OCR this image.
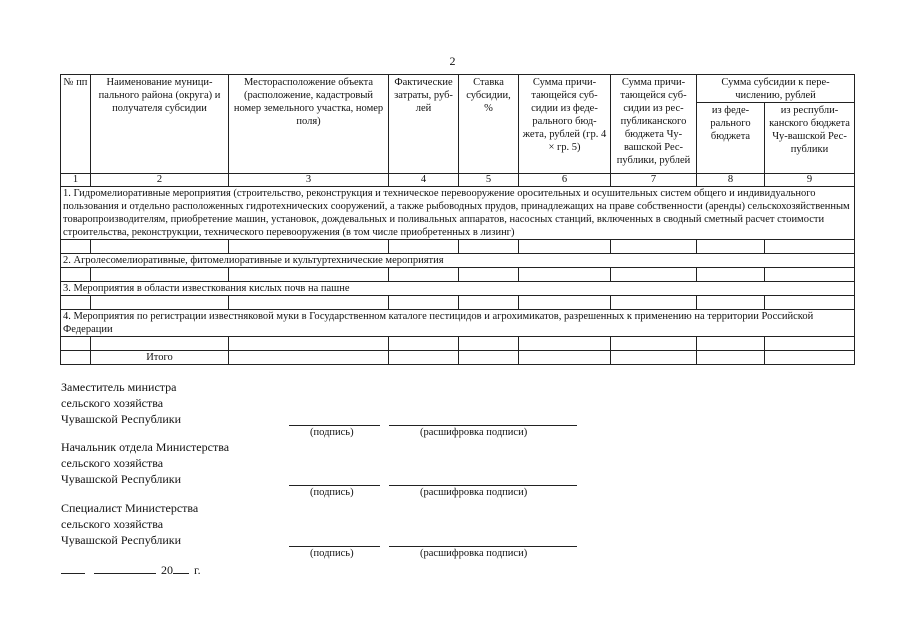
2
№ пп	Наименование муници-пального района (округа) и получателя субсидии	Месторасположение объекта (расположение, кадастровый номер земельного участка, номер поля)	Фактические затраты, руб-лей	Ставка субсидии, %	Сумма причи-тающейся суб-сидии из феде-рального бюд-жета, рублей (гр. 4 × гр. 5)	Сумма причи-тающейся суб-сидии из рес-публиканского бюджета Чу-вашской Рес-публики, рублей	Сумма субсидии к пере-числению, рублей	
							из феде-рального бюджета	из республи-канского бюджета Чу-вашской Рес-публики
1	2	3	4	5	6	7	8	9
1. Гидромелиоративные мероприятия (строительство, реконструкция и техническое перевооружение оросительных и осушительных систем общего и индивидуального пользования и отдельно расположенных гидротехнических сооружений, а также рыбоводных прудов, принадлежащих на праве собственности (аренды) сельскохозяйственным товаропроизводителям, приобретение машин, установок, дождевальных и поливальных аппаратов, насосных станций, включенных в сводный сметный расчет стоимости строительства, реконструкции, технического перевооружения (в том числе приобретенных в лизинг)								

2. Агролесомелиоративные, фитомелиоративные и культуртехнические мероприятия								

3. Мероприятия в области известкования кислых почв на пашне								

4. Мероприятия по регистрации известняковой муки в Государственном каталоге пестицидов и агрохимикатов, разрешенных к применению на территории Российской Федерации								

	Итого							
Заместитель министра
сельского хозяйства
Чувашской Республики
(подпись)	(расшифровка подписи)
Начальник отдела Министерства
сельского хозяйства
Чувашской Республики
(подпись)	(расшифровка подписи)
Специалист Министерства
сельского хозяйства
Чувашской Республики
(подпись)	(расшифровка подписи)
20 г.
